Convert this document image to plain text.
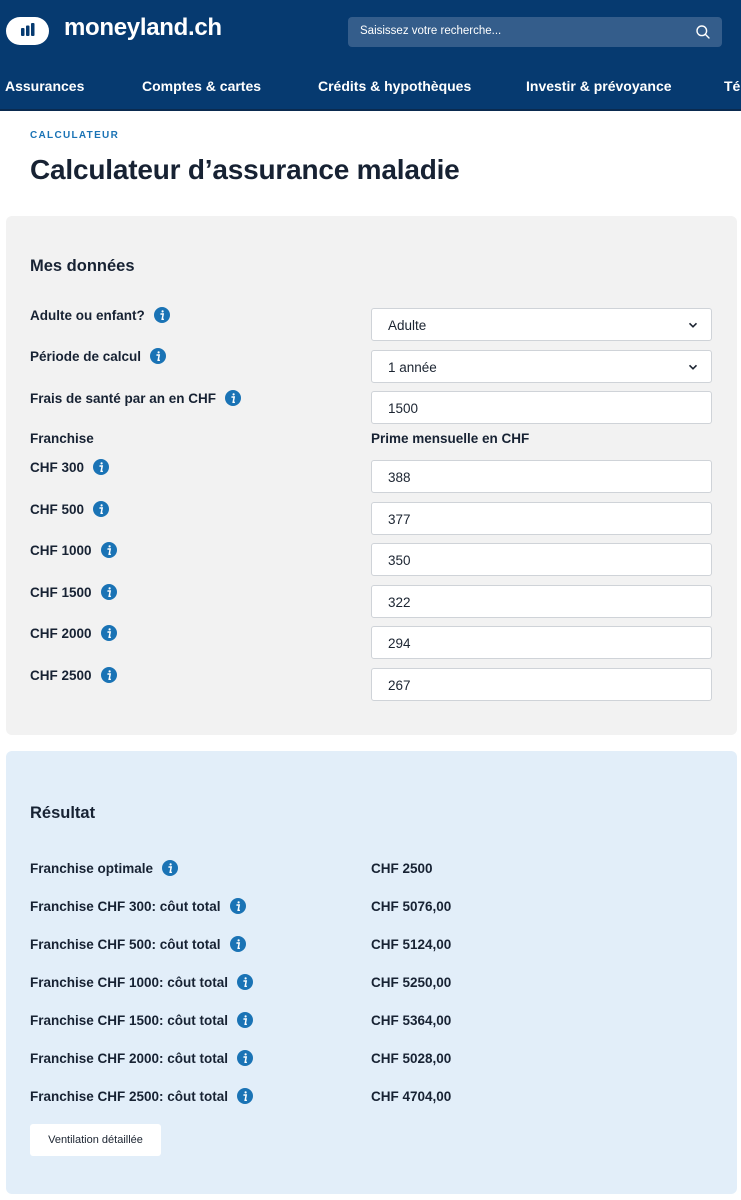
moneyland.ch	Saisissez votre recherche...
Assurances	Comptes & cartes	Crédits & hypothèques	Investir & prévoyance	Té
CALCULATEUR
Calculateur d’assurance maladie
Mes données
Adulte ou enfant?
Adulte
Période de calcul
1 année
Frais de santé par an en CHF
1500
Franchise	Prime mensuelle en CHF
CHF 300
388
CHF 500
377
CHF 1000
350
CHF 1500
322
CHF 2000
294
CHF 2500
267
Résultat
Franchise optimale	CHF 2500
Franchise CHF 300: côut total	CHF 5076,00
Franchise CHF 500: côut total	CHF 5124,00
Franchise CHF 1000: côut total	CHF 5250,00
Franchise CHF 1500: côut total	CHF 5364,00
Franchise CHF 2000: côut total	CHF 5028,00
Franchise CHF 2500: côut total	CHF 4704,00
Ventilation détaillée
